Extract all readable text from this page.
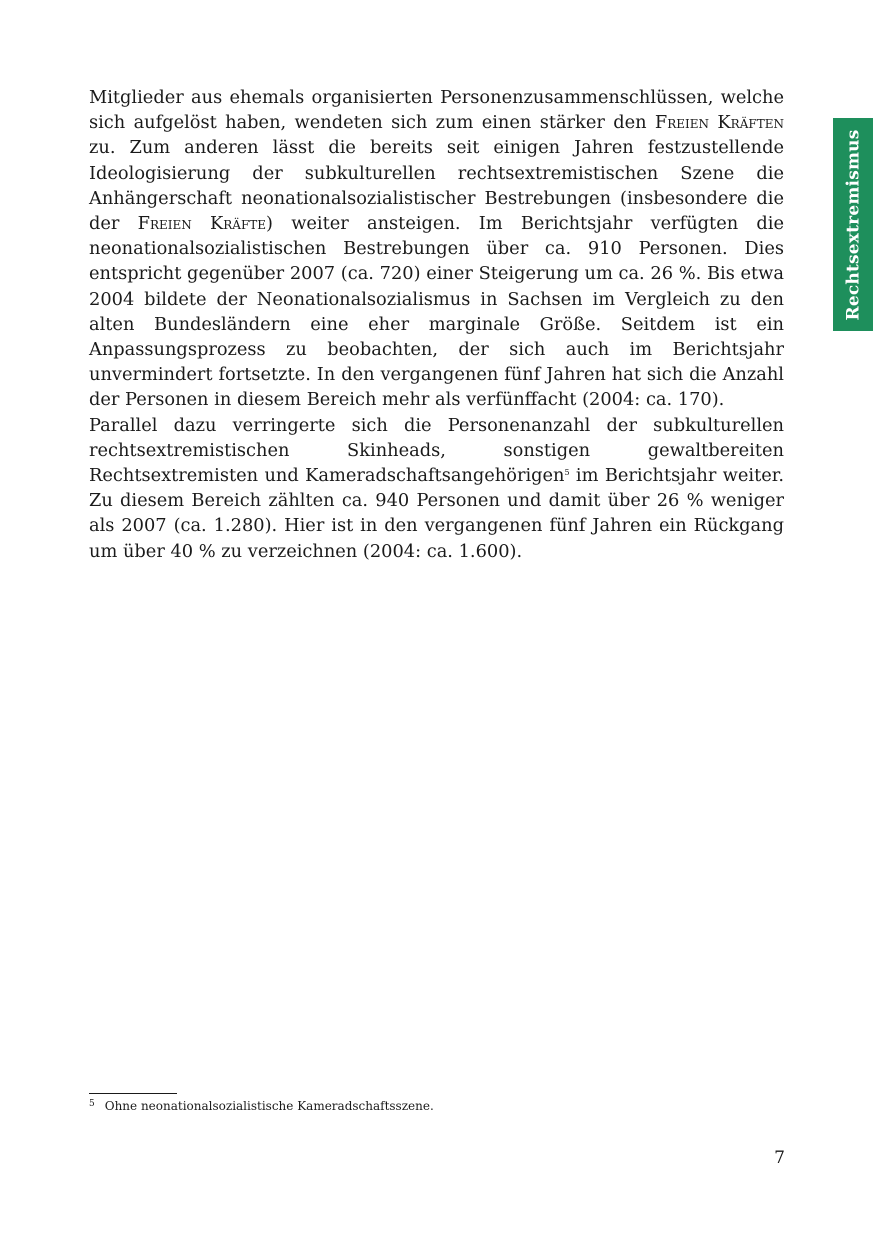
Rechtsextremismus

Mitglieder aus ehemals organisierten Personenzusammenschlüssen, welche sich aufgelöst haben, wendeten sich zum einen stärker den Freien Kräften zu. Zum anderen lässt die bereits seit einigen Jahren festzustellende Ideologisierung der subkulturellen rechtsextremistischen Szene die Anhängerschaft neonationalsozialistischer Bestrebungen (insbesondere die der Freien Kräfte) weiter ansteigen. Im Berichtsjahr verfügten die neonationalsozialistischen Bestrebungen über ca. 910 Personen. Dies entspricht gegenüber 2007 (ca. 720) einer Steigerung um ca. 26 %. Bis etwa 2004 bildete der Neonationalsozialismus in Sachsen im Vergleich zu den alten Bundesländern eine eher marginale Größe. Seitdem ist ein Anpassungsprozess zu beobachten, der sich auch im Berichtsjahr unvermindert fortsetzte. In den vergangenen fünf Jahren hat sich die Anzahl der Personen in diesem Bereich mehr als verfünffacht (2004: ca. 170).

Parallel dazu verringerte sich die Personenanzahl der subkulturellen rechtsextremistischen Skinheads, sonstigen gewaltbereiten Rechtsextremisten und Kameradschaftsangehörigen$^5$ im Berichtsjahr weiter. Zu diesem Bereich zählten ca. 940 Personen und damit über 26 % weniger als 2007 (ca. 1.280). Hier ist in den vergangenen fünf Jahren ein Rückgang um über 40 % zu verzeichnen (2004: ca. 1.600).

$^5$ Ohne neonationalsozialistische Kameradschaftsszene.
7
